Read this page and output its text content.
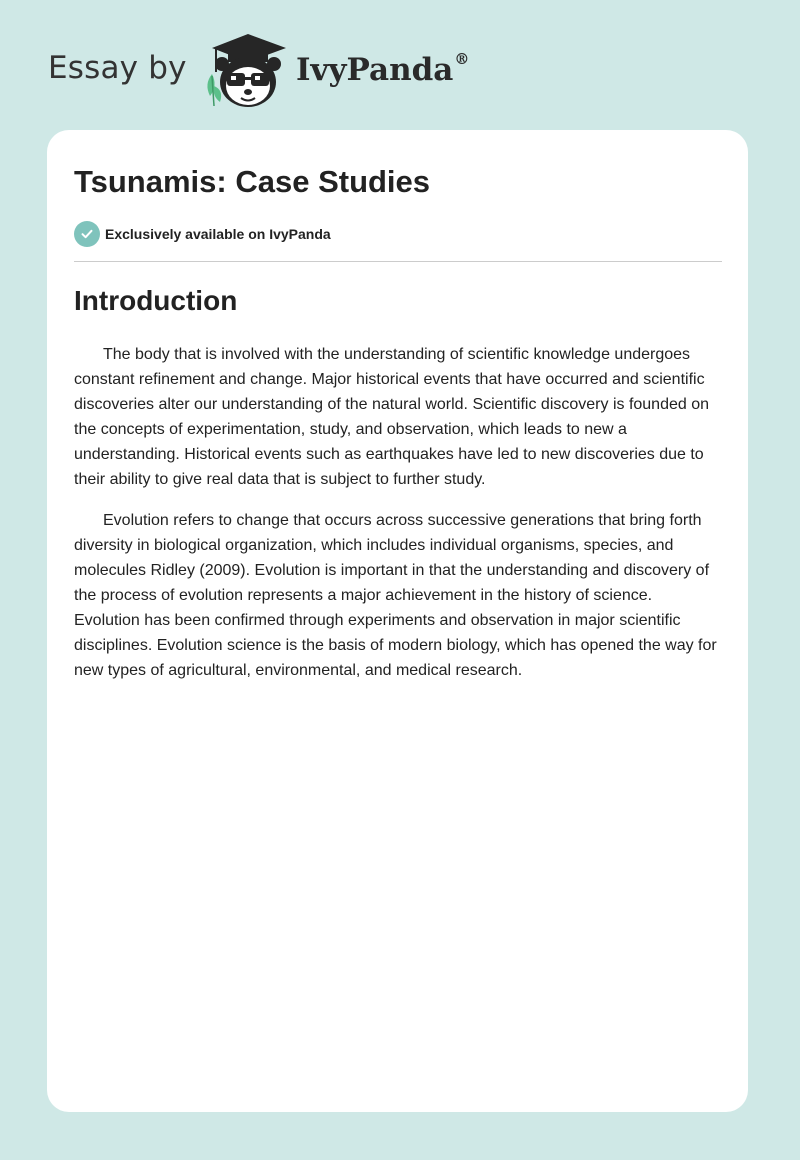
Essay by	IvyPanda®
Tsunamis: Case Studies
Exclusively available on IvyPanda
Introduction

The body that is involved with the understanding of scientific knowledge undergoes constant refinement and change. Major historical events that have occurred and scientific discoveries alter our understanding of the natural world. Scientific discovery is founded on the concepts of experimentation, study, and observation, which leads to new a understanding. Historical events such as earthquakes have led to new discoveries due to their ability to give real data that is subject to further study.

Evolution refers to change that occurs across successive generations that bring forth diversity in biological organization, which includes individual organisms, species, and molecules Ridley (2009). Evolution is important in that the understanding and discovery of the process of evolution represents a major achievement in the history of science. Evolution has been confirmed through experiments and observation in major scientific disciplines. Evolution science is the basis of modern biology, which has opened the way for new types of agricultural, environmental, and medical research.
